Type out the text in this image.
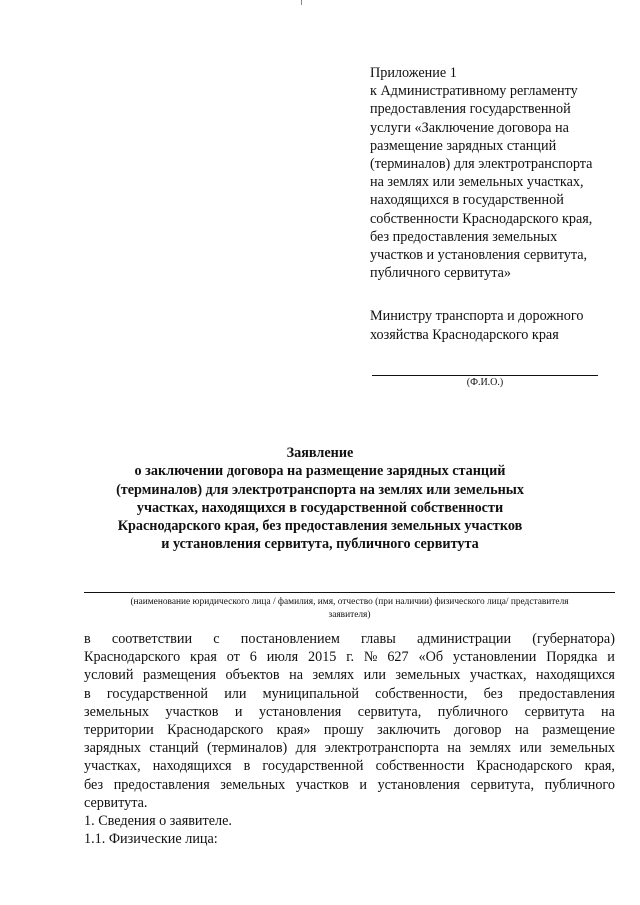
Приложение 1
к Административному регламенту
предоставления государственной
услуги «Заключение договора на
размещение зарядных станций
(терминалов) для электротранспорта
на землях или земельных участках,
находящихся в государственной
собственности Краснодарского края,
без предоставления земельных
участков и установления сервитута,
публичного сервитута»
Министру транспорта и дорожного
хозяйства Краснодарского края
(Ф.И.О.)
Заявление
о заключении договора на размещение зарядных станций
(терминалов) для электротранспорта на землях или земельных
участках, находящихся в государственной собственности
Краснодарского края, без предоставления земельных участков
и установления сервитута, публичного сервитута
(наименование юридического лица / фамилия, имя, отчество (при наличии) физического лица/ представителя
заявителя)
в соответствии с постановлением главы администрации (губернатора)
Краснодарского края от 6 июля 2015 г. № 627 «Об установлении Порядка и
условий размещения объектов на землях или земельных участках, находящихся
в государственной или муниципальной собственности, без предоставления
земельных участков и установления сервитута, публичного сервитута на
территории Краснодарского края» прошу заключить договор на размещение
зарядных станций (терминалов) для электротранспорта на землях или земельных
участках, находящихся в государственной собственности Краснодарского края,
без предоставления земельных участков и установления сервитута, публичного
сервитута.
1. Сведения о заявителе.
1.1. Физические лица:
